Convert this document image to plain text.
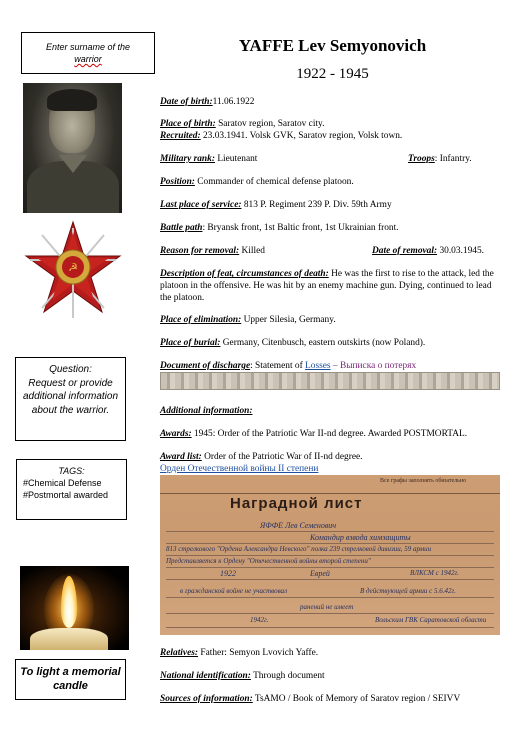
Enter surname of the
warrior
☭
Question:
Request or provide additional information about the warrior.
TAGS:
#Chemical Defense
#Postmortal awarded
To light a memorial candle
YAFFE Lev Semyonovich
1922 - 1945
Date of birth:11.06.1922
Place of birth: Saratov region, Saratov city.
Recruited: 23.03.1941. Volsk GVK, Saratov region, Volsk town.
Military rank: Lieutenant	Troops: Infantry.
Position: Commander of chemical defense platoon.
Last place of service: 813 P. Regiment 239 P. Div. 59th Army
Battle path: Bryansk front, 1st Baltic front, 1st Ukrainian front.
Reason for removal: Killed	Date of removal: 30.03.1945.
Description of feat, circumstances of death: He was the first to rise to the attack, led the platoon in the offensive. He was hit by an enemy machine gun. Dying, continued to lead the platoon.
Place of elimination: Upper Silesia, Germany.
Place of burial: Germany, Citenbusch, eastern outskirts (now Poland).
Document of discharge: Statement of Losses – Выписка о потерях
Additional information:
Awards: 1945: Order of the Patriotic War II-nd degree. Awarded POSTMORTAL.
Award list: Order of the Patriotic War of II-nd degree.
Орден Отечественной войны II степени
Все графы заполнять обязательно
Наградной лист
ЯФФЕ Лев Семенович
Командир взвода химзащиты
813 стрелкового "Ордена Александра Невского" полка 239 стрелковой дивизии, 59 армии
Представляется к Ордену "Отечественной войны второй степени"
1922	Еврей	ВЛКСМ с 1942г.
в гражданской войне не участвовал	В действующей армии с 5.6.42г.
ранений не имеет
1942г.	Вольским ГВК Саратовской области
Relatives: Father: Semyon Lvovich Yaffe.
National identification: Through document
Sources of information: TsAMO / Book of Memory of Saratov region / SEIVV
